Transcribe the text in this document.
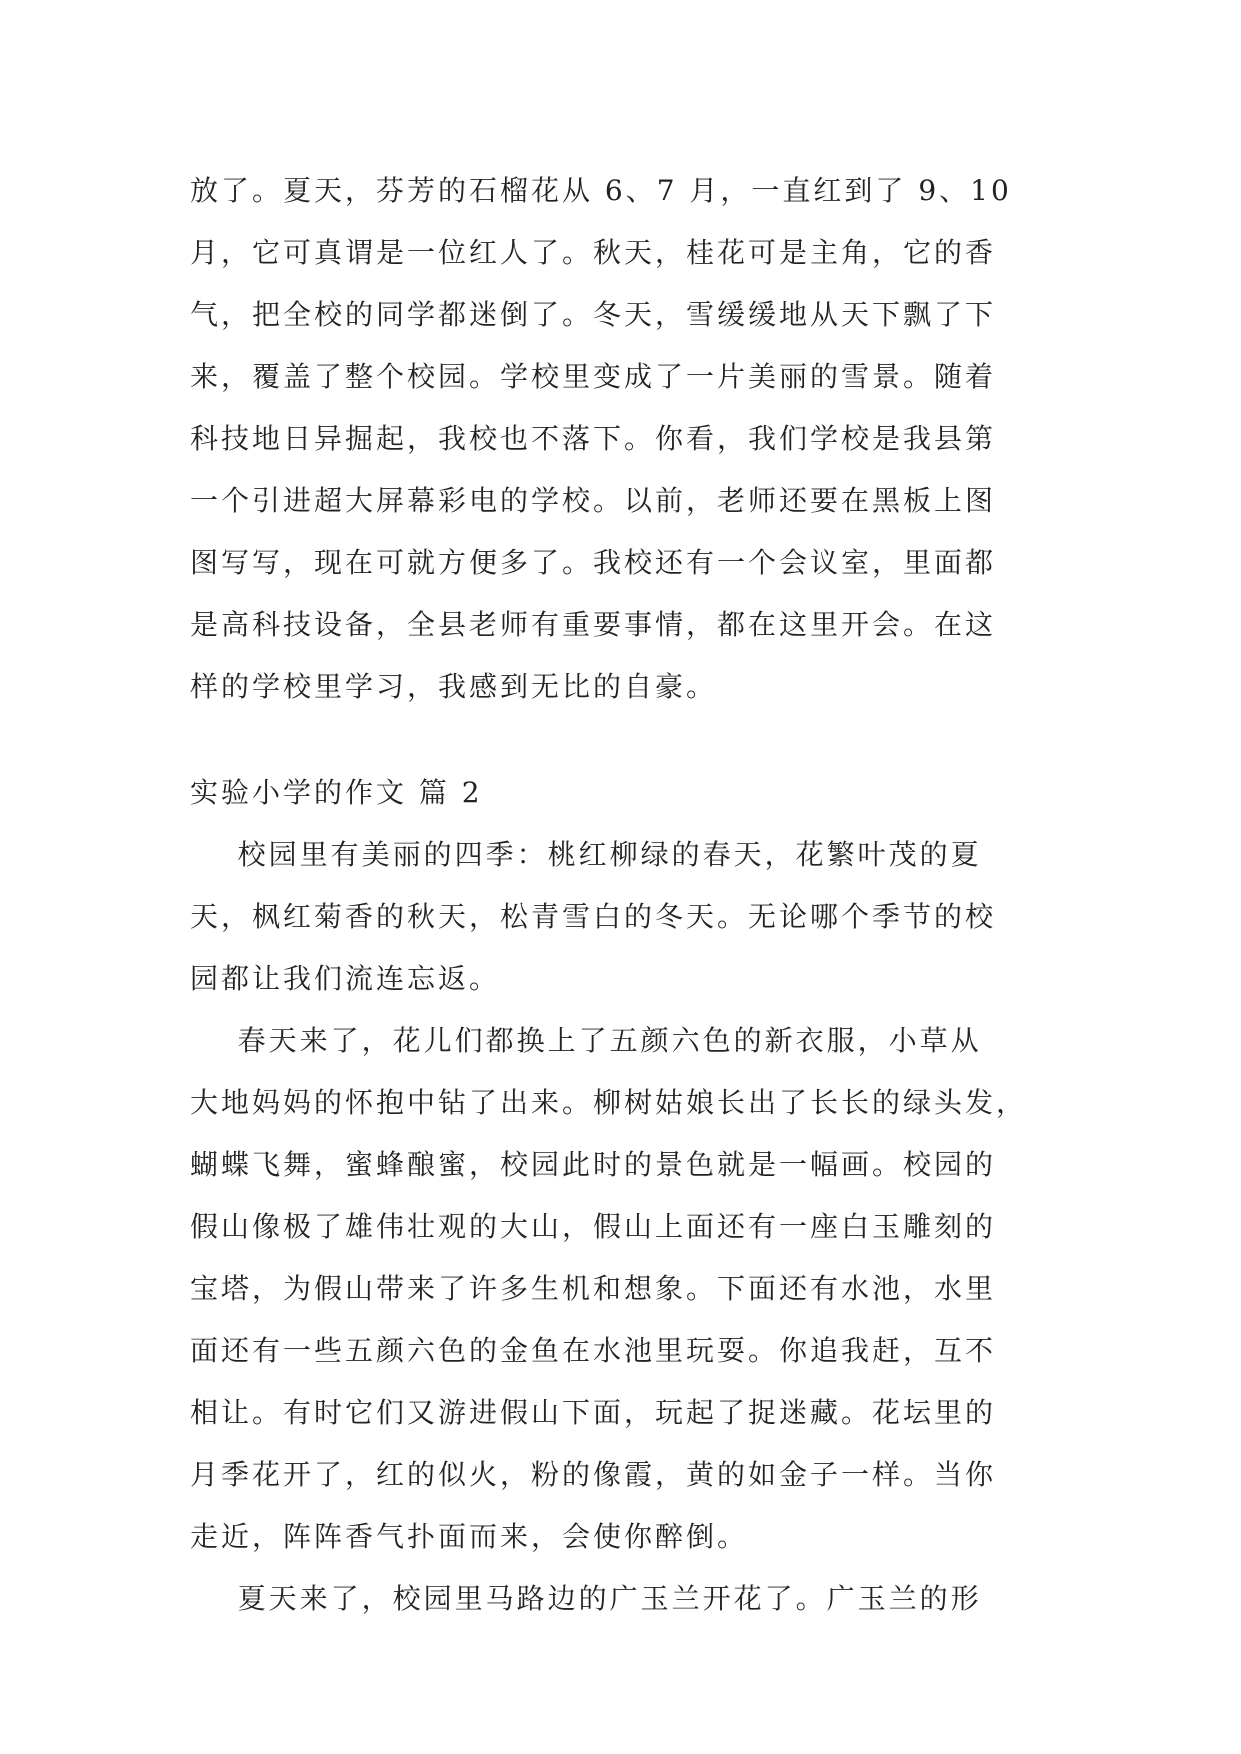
放了。夏天，芬芳的石榴花从 6、7 月，一直红到了 9、10
月，它可真谓是一位红人了。秋天，桂花可是主角，它的香
气，把全校的同学都迷倒了。冬天，雪缓缓地从天下飘了下
来，覆盖了整个校园。学校里变成了一片美丽的雪景。随着
科技地日异掘起，我校也不落下。你看，我们学校是我县第
一个引进超大屏幕彩电的学校。以前，老师还要在黑板上图
图写写，现在可就方便多了。我校还有一个会议室，里面都
是高科技设备，全县老师有重要事情，都在这里开会。在这
样的学校里学习，我感到无比的自豪。
实验小学的作文 篇 2
校园里有美丽的四季：桃红柳绿的春天，花繁叶茂的夏
天，枫红菊香的秋天，松青雪白的冬天。无论哪个季节的校
园都让我们流连忘返。
春天来了，花儿们都换上了五颜六色的新衣服，小草从
大地妈妈的怀抱中钻了出来。柳树姑娘长出了长长的绿头发，
蝴蝶飞舞，蜜蜂酿蜜，校园此时的景色就是一幅画。校园的
假山像极了雄伟壮观的大山，假山上面还有一座白玉雕刻的
宝塔，为假山带来了许多生机和想象。下面还有水池，水里
面还有一些五颜六色的金鱼在水池里玩耍。你追我赶，互不
相让。有时它们又游进假山下面，玩起了捉迷藏。花坛里的
月季花开了，红的似火，粉的像霞，黄的如金子一样。当你
走近，阵阵香气扑面而来，会使你醉倒。
夏天来了，校园里马路边的广玉兰开花了。广玉兰的形
